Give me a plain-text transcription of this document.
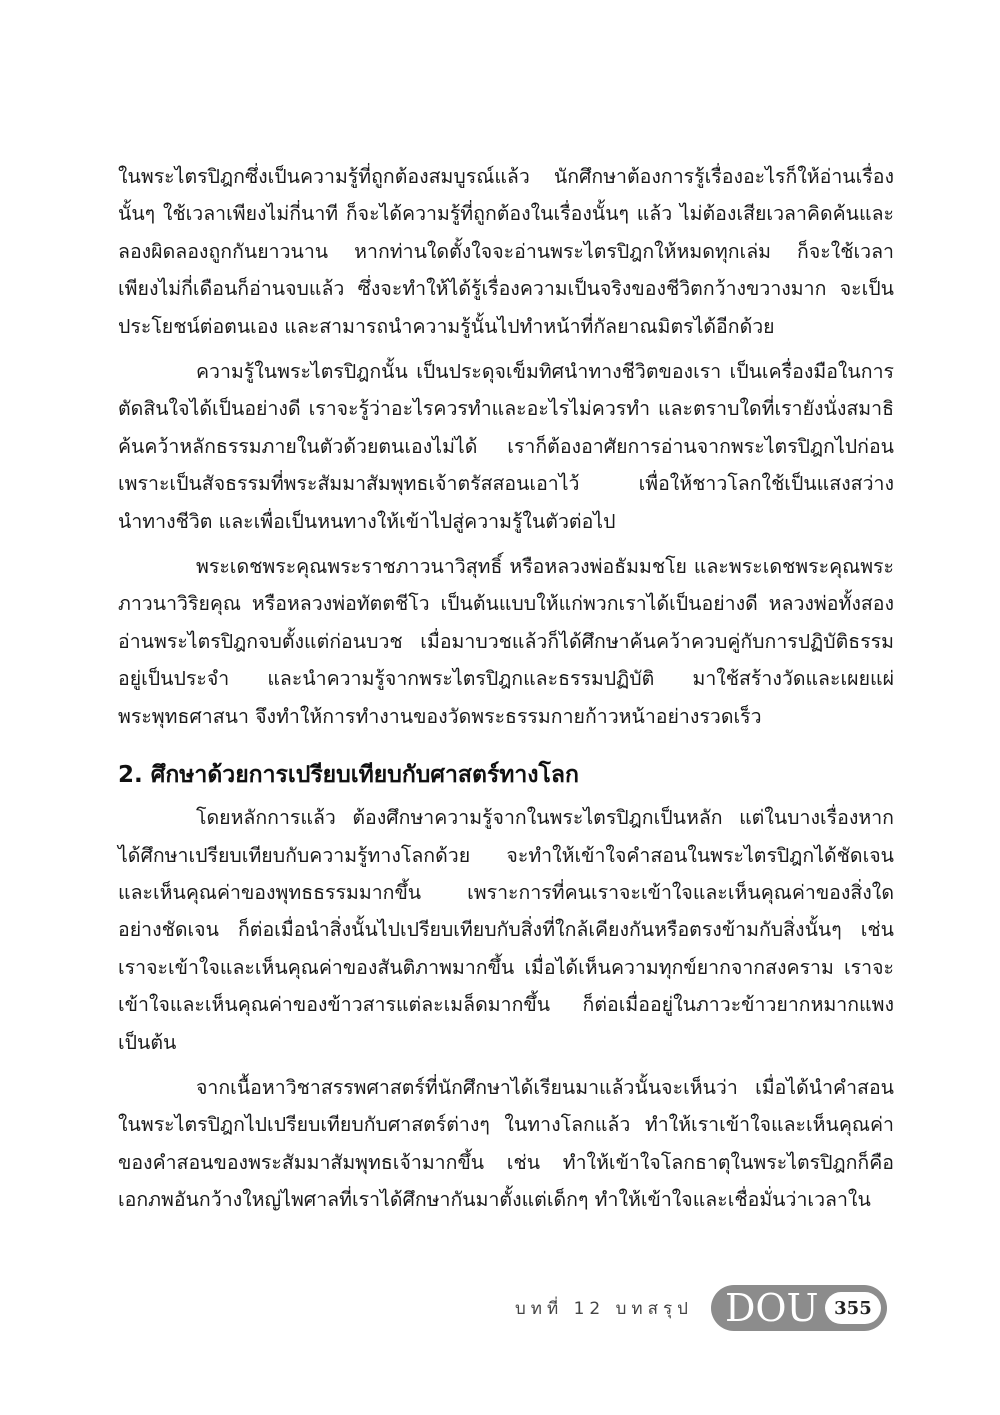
ในพระไตรปิฎกซึ่งเป็นความรู้ที่ถูกต้องสมบูรณ์แล้ว นักศึกษาต้องการรู้เรื่องอะไรก็ให้อ่านเรื่องนั้นๆ ใช้เวลาเพียงไม่กี่นาที ก็จะได้ความรู้ที่ถูกต้องในเรื่องนั้นๆ แล้ว ไม่ต้องเสียเวลาคิดค้นและลองผิดลองถูกกันยาวนาน หากท่านใดตั้งใจจะอ่านพระไตรปิฎกให้หมดทุกเล่ม ก็จะใช้เวลาเพียงไม่กี่เดือนก็อ่านจบแล้ว ซึ่งจะทำให้ได้รู้เรื่องความเป็นจริงของชีวิตกว้างขวางมาก จะเป็นประโยชน์ต่อตนเอง และสามารถนำความรู้นั้นไปทำหน้าที่กัลยาณมิตรได้อีกด้วย

ความรู้ในพระไตรปิฎกนั้น เป็นประดุจเข็มทิศนำทางชีวิตของเรา เป็นเครื่องมือในการตัดสินใจได้เป็นอย่างดี เราจะรู้ว่าอะไรควรทำและอะไรไม่ควรทำ และตราบใดที่เรายังนั่งสมาธิค้นคว้าหลักธรรมภายในตัวด้วยตนเองไม่ได้ เราก็ต้องอาศัยการอ่านจากพระไตรปิฎกไปก่อน เพราะเป็นสัจธรรมที่พระสัมมาสัมพุทธเจ้าตรัสสอนเอาไว้ เพื่อให้ชาวโลกใช้เป็นแสงสว่างนำทางชีวิต และเพื่อเป็นหนทางให้เข้าไปสู่ความรู้ในตัวต่อไป

พระเดชพระคุณพระราชภาวนาวิสุทธิ์ หรือหลวงพ่อธัมมชโย และพระเดชพระคุณพระภาวนาวิริยคุณ หรือหลวงพ่อทัตตชีโว เป็นต้นแบบให้แก่พวกเราได้เป็นอย่างดี หลวงพ่อทั้งสองอ่านพระไตรปิฎกจบตั้งแต่ก่อนบวช เมื่อมาบวชแล้วก็ได้ศึกษาค้นคว้าควบคู่กับการปฏิบัติธรรมอยู่เป็นประจำ และนำความรู้จากพระไตรปิฎกและธรรมปฏิบัติ มาใช้สร้างวัดและเผยแผ่พระพุทธศาสนา จึงทำให้การทำงานของวัดพระธรรมกายก้าวหน้าอย่างรวดเร็ว

2. ศึกษาด้วยการเปรียบเทียบกับศาสตร์ทางโลก

โดยหลักการแล้ว ต้องศึกษาความรู้จากในพระไตรปิฎกเป็นหลัก แต่ในบางเรื่องหากได้ศึกษาเปรียบเทียบกับความรู้ทางโลกด้วย จะทำให้เข้าใจคำสอนในพระไตรปิฎกได้ชัดเจนและเห็นคุณค่าของพุทธธรรมมากขึ้น เพราะการที่คนเราจะเข้าใจและเห็นคุณค่าของสิ่งใดอย่างชัดเจน ก็ต่อเมื่อนำสิ่งนั้นไปเปรียบเทียบกับสิ่งที่ใกล้เคียงกันหรือตรงข้ามกับสิ่งนั้นๆ เช่น เราจะเข้าใจและเห็นคุณค่าของสันติภาพมากขึ้น เมื่อได้เห็นความทุกข์ยากจากสงคราม เราจะเข้าใจและเห็นคุณค่าของข้าวสารแต่ละเมล็ดมากขึ้น ก็ต่อเมื่ออยู่ในภาวะข้าวยากหมากแพงเป็นต้น

จากเนื้อหาวิชาสรรพศาสตร์ที่นักศึกษาได้เรียนมาแล้วนั้นจะเห็นว่า เมื่อได้นำคำสอนในพระไตรปิฎกไปเปรียบเทียบกับศาสตร์ต่างๆ ในทางโลกแล้ว ทำให้เราเข้าใจและเห็นคุณค่าของคำสอนของพระสัมมาสัมพุทธเจ้ามากขึ้น เช่น ทำให้เข้าใจโลกธาตุในพระไตรปิฎกก็คือเอกภพอันกว้างใหญ่ไพศาลที่เราได้ศึกษากันมาตั้งแต่เด็กๆ ทำให้เข้าใจและเชื่อมั่นว่าเวลาใน

บทที่ 12 บทสรุป DOU 355
